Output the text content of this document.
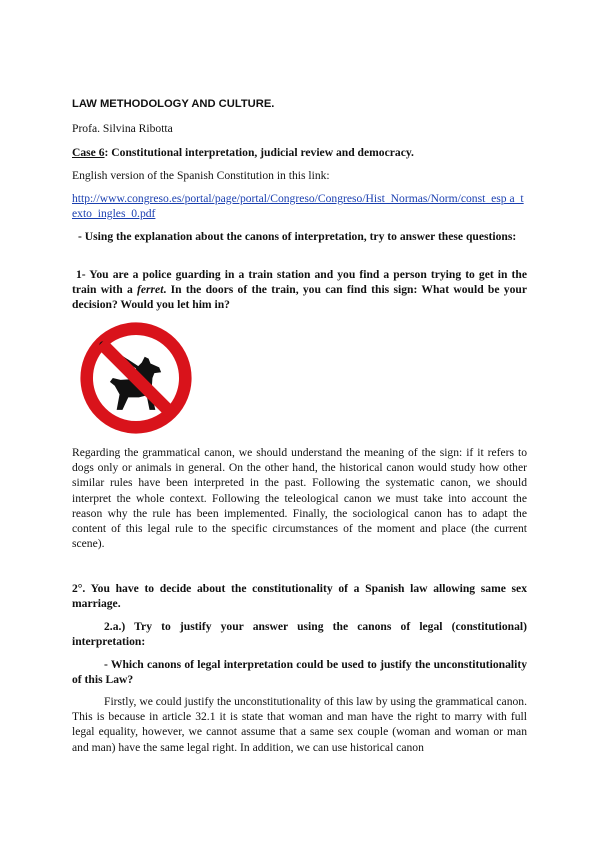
LAW METHODOLOGY AND CULTURE.
Profa. Silvina Ribotta
Case 6: Constitutional interpretation, judicial review and democracy.
English version of the Spanish Constitution in this link:
http://www.congreso.es/portal/page/portal/Congreso/Congreso/Hist_Normas/Norm/const_esp a_texto_ingles_0.pdf
- Using the explanation about the canons of interpretation, try to answer these questions:
1- You are a police guarding in a train station and you find a person trying to get in the train with a ferret. In the doors of the train, you can find this sign: What would be your decision? Would you let him in?
Regarding the grammatical canon, we should understand the meaning of the sign: if it refers to dogs only or animals in general. On the other hand, the historical canon would study how other similar rules have been interpreted in the past. Following the systematic canon, we should interpret the whole context. Following the teleological canon we must take into account the reason why the rule has been implemented. Finally, the sociological canon has to adapt the content of this legal rule to the specific circumstances of the moment and place (the current scene).
2°. You have to decide about the constitutionality of a Spanish law allowing same sex marriage.
2.a.) Try to justify your answer using the canons of legal (constitutional) interpretation:
- Which canons of legal interpretation could be used to justify the unconstitutionality of this Law?
Firstly, we could justify the unconstitutionality of this law by using the grammatical canon. This is because in article 32.1 it is state that woman and man have the right to marry with full legal equality, however, we cannot assume that a same sex couple (woman and woman or man and man) have the same legal right. In addition, we can use historical canon
